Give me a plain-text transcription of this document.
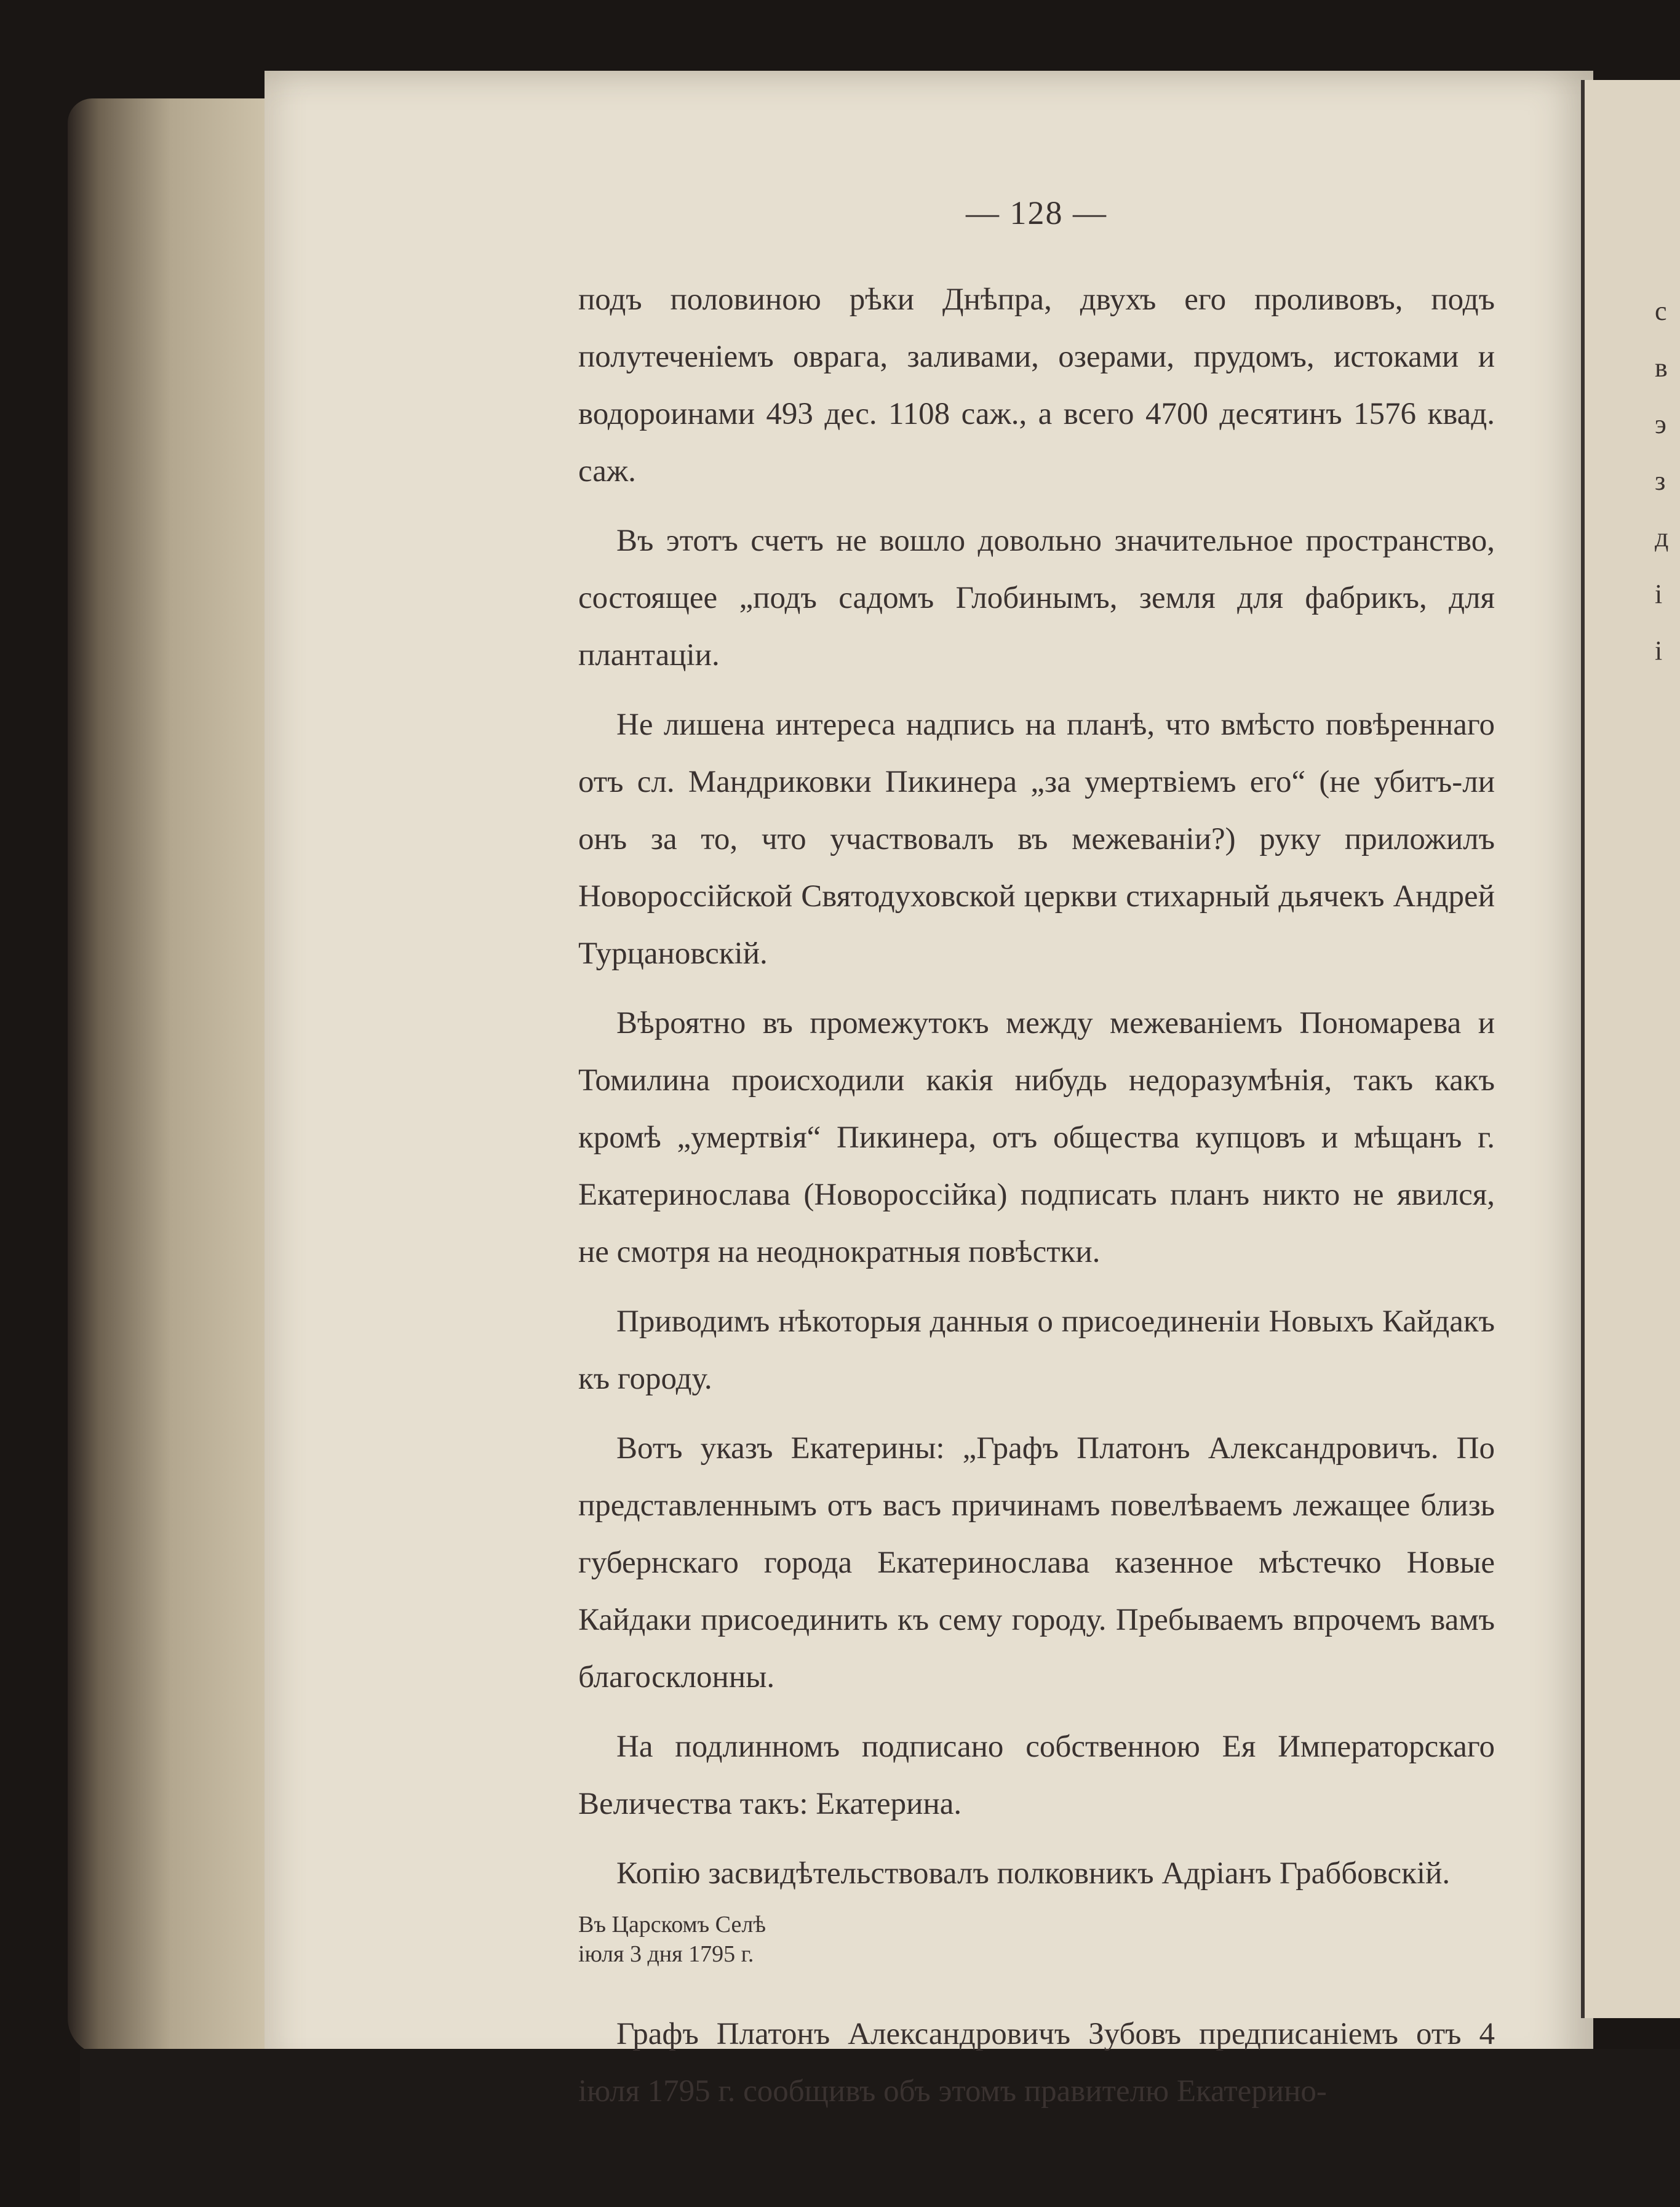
с
в
э
з
д
і
і
— 128 —

подъ половиною рѣки Днѣпра, двухъ его проливовъ, подъ полутеченіемъ оврага, заливами, озерами, прудомъ, истоками и водороинами 493 дес. 1108 саж., а всего 4700 десятинъ 1576 квад. саж.

Въ этотъ счетъ не вошло довольно значительное пространство, состоящее „подъ садомъ Глобинымъ, земля для фабрикъ, для плантаціи.

Не лишена интереса надпись на планѣ, что вмѣсто повѣреннаго отъ сл. Мандриковки Пикинера „за умертвіемъ его“ (не убитъ-ли онъ за то, что участвовалъ въ межеваніи?) руку приложилъ Новороссійской Святодуховской церкви стихарный дьячекъ Андрей Турцановскій.

Вѣроятно въ промежутокъ между межеваніемъ Пономарева и Томилина происходили какія нибудь недоразумѣнія, такъ какъ кромѣ „умертвія“ Пикинера, отъ общества купцовъ и мѣщанъ г. Екатеринослава (Новороссійка) подписать планъ никто не явился, не смотря на неоднократныя повѣстки.

Приводимъ нѣкоторыя данныя о присоединеніи Новыхъ Кайдакъ къ городу.

Вотъ указъ Екатерины: „Графъ Платонъ Александровичъ. По представленнымъ отъ васъ причинамъ повелѣваемъ лежащее близь губернскаго города Екатеринослава казенное мѣстечко Новые Кайдаки присоединить къ сему городу. Пребываемъ впрочемъ вамъ благосклонны.

На подлинномъ подписано собственною Ея Императорскаго Величества такъ: Екатерина.

Копію засвидѣтельствовалъ полковникъ Адріанъ Граббовскій.

Въ Царскомъ Селѣ
іюля 3 дня 1795 г.

Графъ Платонъ Александровичъ Зубовъ предписаніемъ отъ 4 іюля 1795 г. сообщивъ объ этомъ правителю Екатерино-
